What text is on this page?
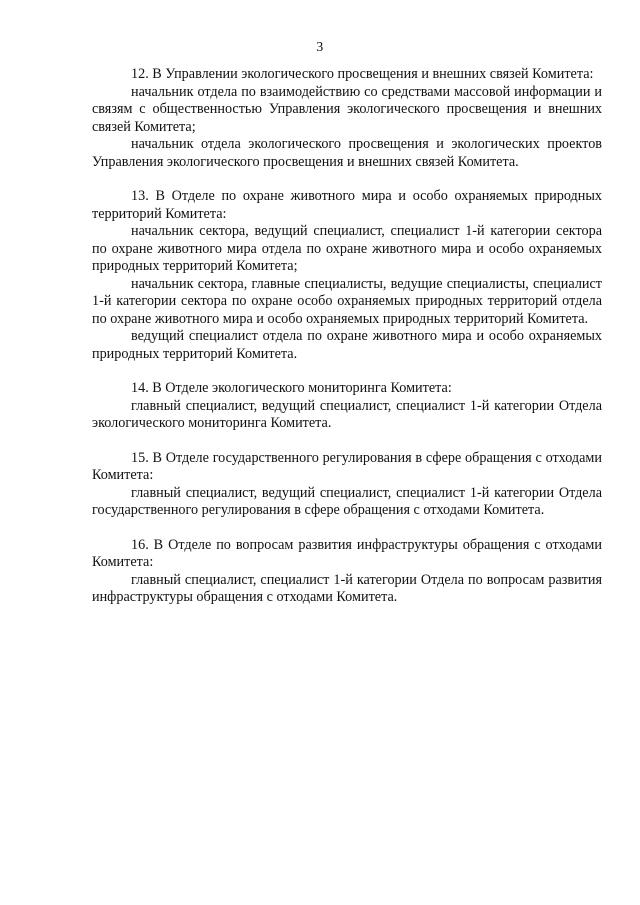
3

12. В Управлении экологического просвещения и внешних связей Комитета:

начальник отдела по взаимодействию со средствами массовой информации и связям с общественностью Управления экологического просвещения и внешних связей Комитета;

начальник отдела экологического просвещения и экологических проектов Управления экологического просвещения и внешних связей Комитета.

13. В Отделе по охране животного мира и особо охраняемых природных территорий Комитета:

начальник сектора, ведущий специалист, специалист 1-й категории сектора по охране животного мира отдела по охране животного мира и особо охраняемых природных территорий Комитета;

начальник сектора, главные специалисты, ведущие специалисты, специалист 1-й категории сектора по охране особо охраняемых природных территорий отдела по охране животного мира и особо охраняемых природных территорий Комитета.

ведущий специалист отдела по охране животного мира и особо охраняемых природных территорий Комитета.

14. В Отделе экологического мониторинга Комитета:

главный специалист, ведущий специалист, специалист 1-й категории Отдела экологического мониторинга Комитета.

15. В Отделе государственного регулирования в сфере обращения с отходами Комитета:

главный специалист, ведущий специалист, специалист 1-й категории Отдела государственного регулирования в сфере обращения с отходами Комитета.

16. В Отделе по вопросам развития инфраструктуры обращения с отходами Комитета:

главный специалист, специалист 1-й категории Отдела по вопросам развития инфраструктуры обращения с отходами Комитета.
